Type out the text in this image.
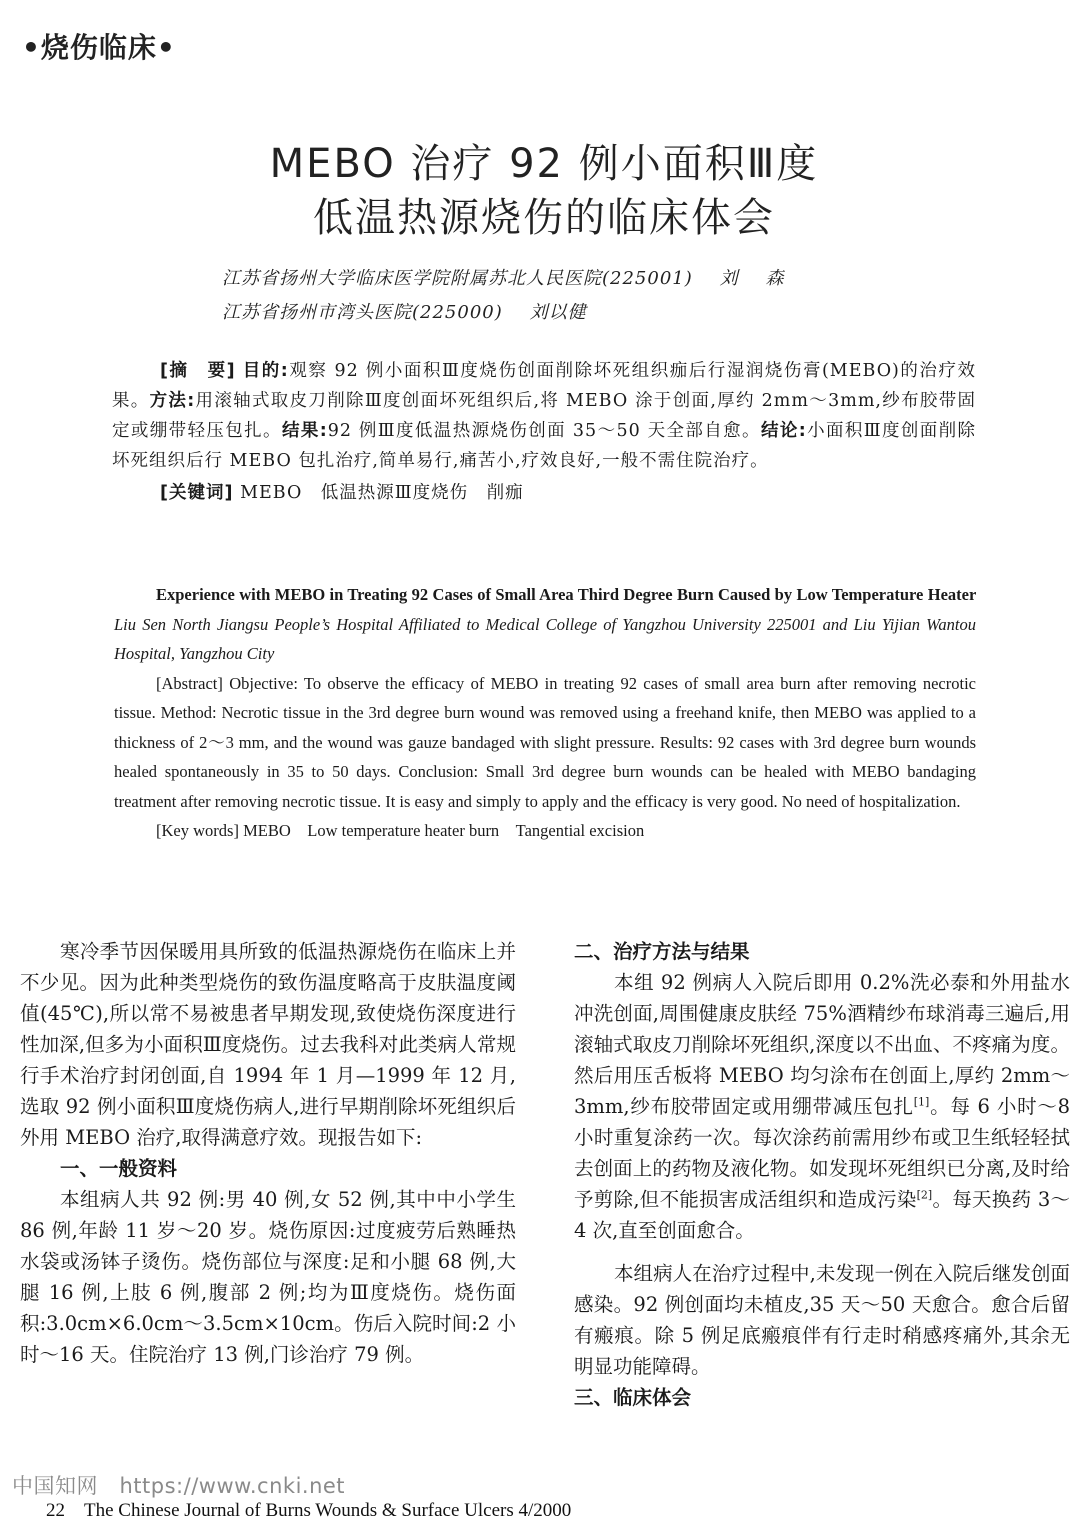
•烧伤临床•
MEBO 治疗 92 例小面积Ⅲ度
低温热源烧伤的临床体会
江苏省扬州大学临床医学院附属苏北人民医院(225001)    刘    森
江苏省扬州市湾头医院(225000)    刘以健

[摘　要] 目的:观察 92 例小面积Ⅲ度烧伤创面削除坏死组织痂后行湿润烧伤膏(MEBO)的治疗效果。方法:用滚轴式取皮刀削除Ⅲ度创面坏死组织后,将 MEBO 涂于创面,厚约 2mm～3mm,纱布胶带固定或绷带轻压包扎。结果:92 例Ⅲ度低温热源烧伤创面 35～50 天全部自愈。结论:小面积Ⅲ度创面削除坏死组织后行 MEBO 包扎治疗,简单易行,痛苦小,疗效良好,一般不需住院治疗。

[关键词] MEBO　低温热源Ⅲ度烧伤　削痂

Experience with MEBO in Treating 92 Cases of Small Area Third Degree Burn Caused by Low Temperature Heater Liu Sen North Jiangsu People’s Hospital Affiliated to Medical College of Yangzhou University 225001 and Liu Yijian Wantou Hospital, Yangzhou City

[Abstract] Objective: To observe the efficacy of MEBO in treating 92 cases of small area burn after removing necrotic tissue. Method: Necrotic tissue in the 3rd degree burn wound was removed using a freehand knife, then MEBO was applied to a thickness of 2～3 mm, and the wound was gauze bandaged with slight pressure. Results: 92 cases with 3rd degree burn wounds healed spontaneously in 35 to 50 days. Conclusion: Small 3rd degree burn wounds can be healed with MEBO bandaging treatment after removing necrotic tissue. It is easy and simply to apply and the efficacy is very good. No need of hospitalization.

[Key words] MEBO　Low temperature heater burn　Tangential excision

寒冷季节因保暖用具所致的低温热源烧伤在临床上并不少见。因为此种类型烧伤的致伤温度略高于皮肤温度阈值(45℃),所以常不易被患者早期发现,致使烧伤深度进行性加深,但多为小面积Ⅲ度烧伤。过去我科对此类病人常规行手术治疗封闭创面,自 1994 年 1 月—1999 年 12 月,选取 92 例小面积Ⅲ度烧伤病人,进行早期削除坏死组织后外用 MEBO 治疗,取得满意疗效。现报告如下:

一、一般资料

本组病人共 92 例:男 40 例,女 52 例,其中中小学生 86 例,年龄 11 岁～20 岁。烧伤原因:过度疲劳后熟睡热水袋或汤钵子烫伤。烧伤部位与深度:足和小腿 68 例,大腿 16 例,上肢 6 例,腹部 2 例;均为Ⅲ度烧伤。烧伤面积:3.0cm×6.0cm～3.5cm×10cm。伤后入院时间:2 小时～16 天。住院治疗 13 例,门诊治疗 79 例。

二、治疗方法与结果

本组 92 例病人入院后即用 0.2%洗必泰和外用盐水冲洗创面,周围健康皮肤经 75%酒精纱布球消毒三遍后,用滚轴式取皮刀削除坏死组织,深度以不出血、不疼痛为度。然后用压舌板将 MEBO 均匀涂布在创面上,厚约 2mm～3mm,纱布胶带固定或用绷带减压包扎[1]。每 6 小时～8 小时重复涂药一次。每次涂药前需用纱布或卫生纸轻轻拭去创面上的药物及液化物。如发现坏死组织已分离,及时给予剪除,但不能损害成活组织和造成污染[2]。每天换药 3～4 次,直至创面愈合。

本组病人在治疗过程中,未发现一例在入院后继发创面感染。92 例创面均未植皮,35 天～50 天愈合。愈合后留有瘢痕。除 5 例足底瘢痕伴有行走时稍感疼痛外,其余无明显功能障碍。

三、临床体会
中国知网　https://www.cnki.net
22　The Chinese Journal of Burns Wounds & Surface Ulcers 4/2000
